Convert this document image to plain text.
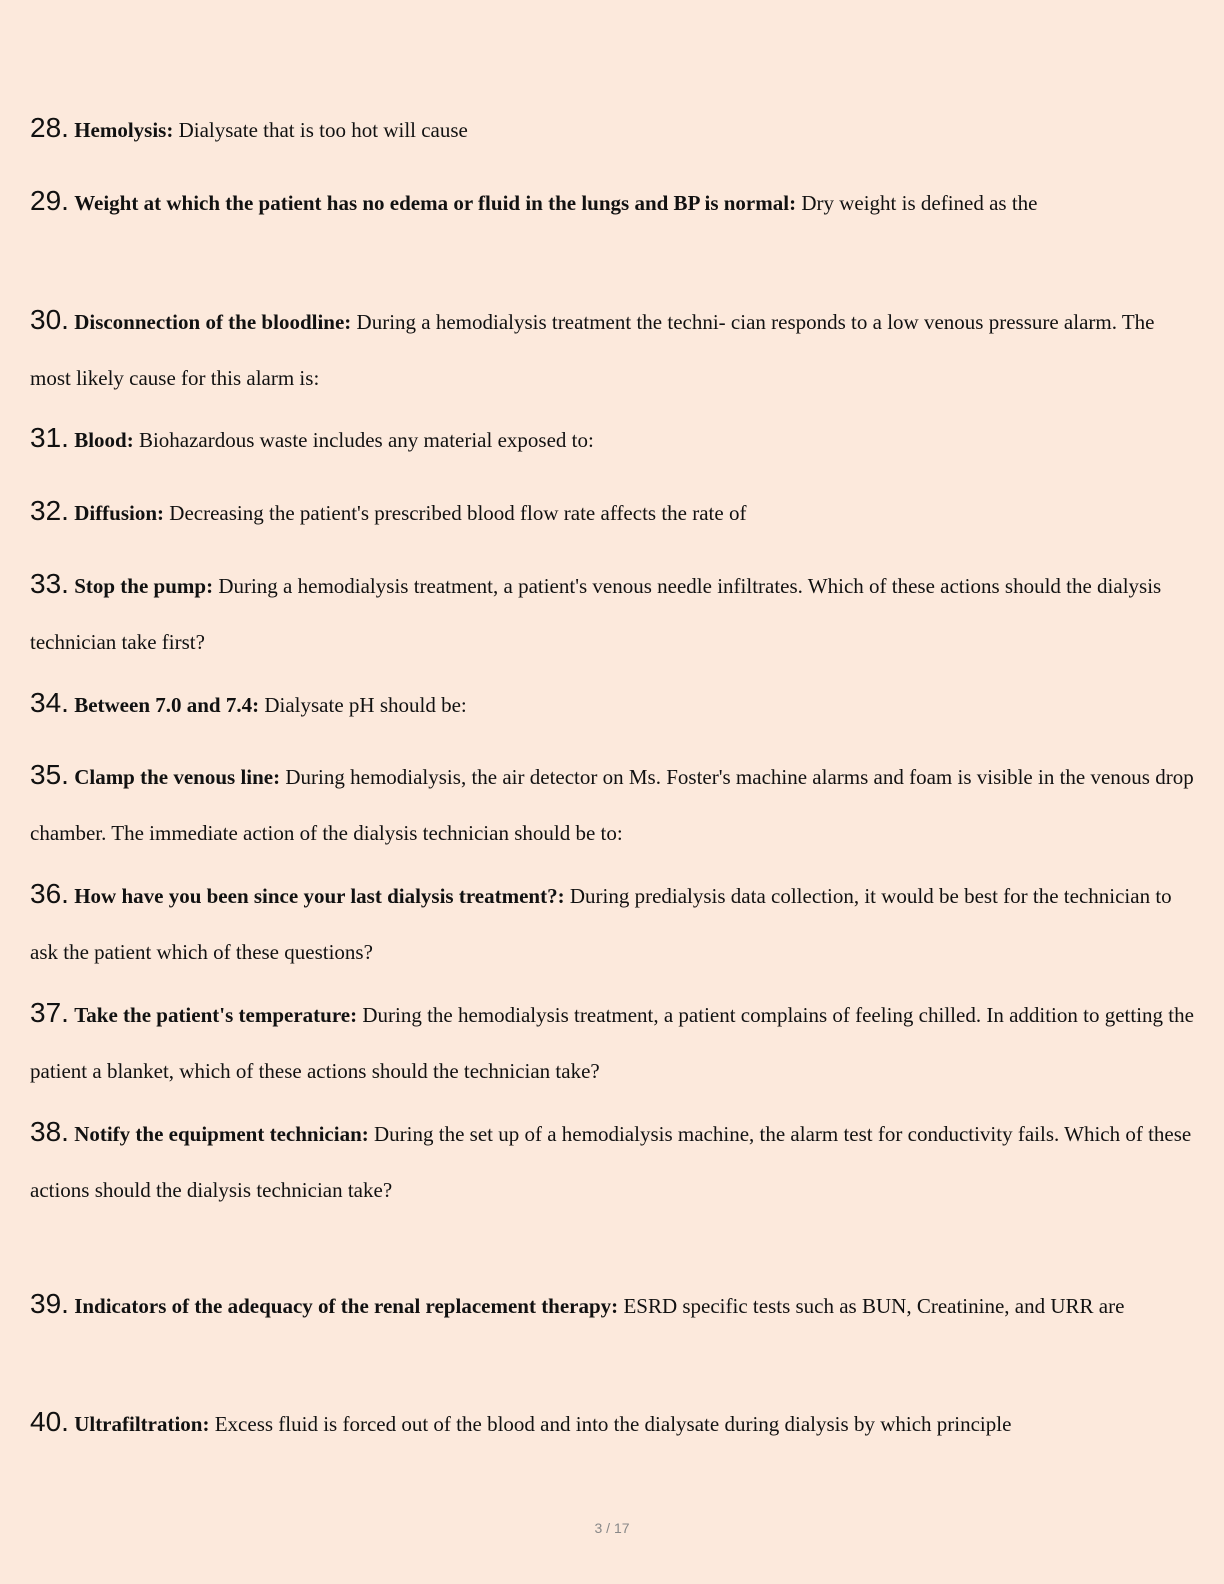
28. Hemolysis: Dialysate that is too hot will cause

29. Weight at which the patient has no edema or fluid in the lungs and BP is normal: Dry weight is defined as the

30. Disconnection of the bloodline: During a hemodialysis treatment the techni- cian responds to a low venous pressure alarm. The most likely cause for this alarm is:

31. Blood: Biohazardous waste includes any material exposed to:

32. Diffusion: Decreasing the patient's prescribed blood flow rate affects the rate of

33. Stop the pump: During a hemodialysis treatment, a patient's venous needle infiltrates. Which of these actions should the dialysis technician take first?

34. Between 7.0 and 7.4: Dialysate pH should be:

35. Clamp the venous line: During hemodialysis, the air detector on Ms. Foster's machine alarms and foam is visible in the venous drop chamber. The immediate action of the dialysis technician should be to:

36. How have you been since your last dialysis treatment?: During predialysis data collection, it would be best for the technician to ask the patient which of these questions?

37. Take the patient's temperature: During the hemodialysis treatment, a patient complains of feeling chilled. In addition to getting the patient a blanket, which of these actions should the technician take?

38. Notify the equipment technician: During the set up of a hemodialysis machine, the alarm test for conductivity fails. Which of these actions should the dialysis technician take?

39. Indicators of the adequacy of the renal replacement therapy: ESRD specific tests such as BUN, Creatinine, and URR are

40. Ultrafiltration: Excess fluid is forced out of the blood and into the dialysate during dialysis by which principle

3 / 17
